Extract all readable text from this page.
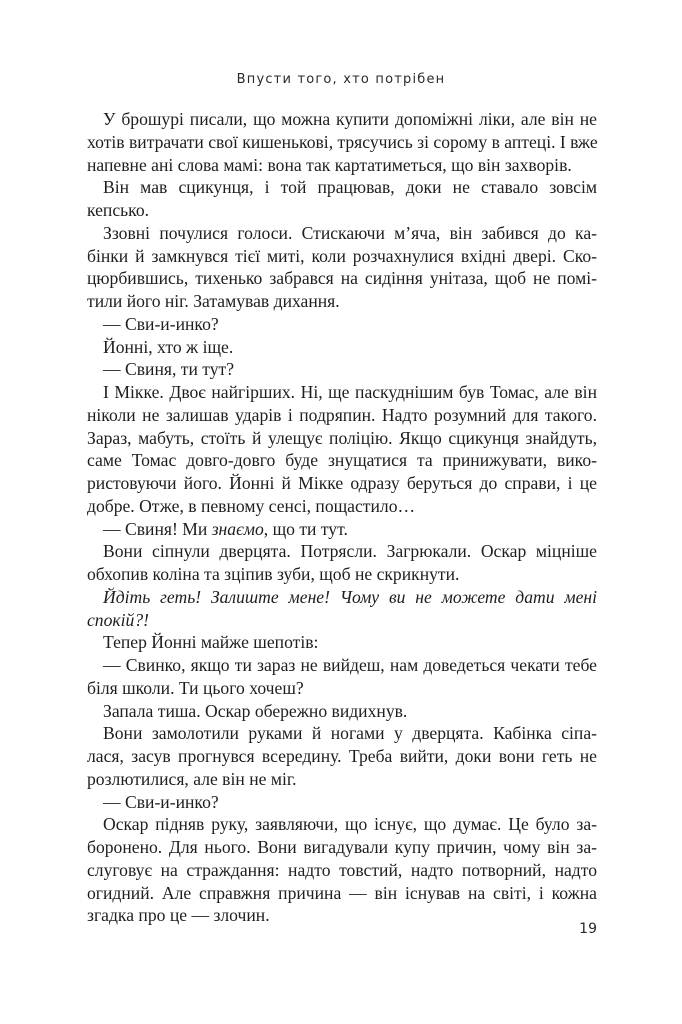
Впусти того, хто потрібен
У брошурі писали, що можна купити допоміжні ліки, але він не
хотів витрачати свої кишенькові, трясучись зі сорому в аптеці. І вже
напевне ані слова мамі: вона так картатиметься, що він захворів.
Він мав сцикунця, і той працював, доки не ставало зовсім
кепсько.
Ззовні почулися голоси. Стискаючи м’яча, він забився до ка-
бінки й замкнувся тієї миті, коли розчахнулися вхідні двері. Ско-
цюрбившись, тихенько забрався на сидіння унітаза, щоб не помі-
тили його ніг. Затамував дихання.
— Сви-и-инко?
Йонні, хто ж іще.
— Свиня, ти тут?
І Мікке. Двоє найгірших. Ні, ще паскуднішим був Томас, але він
ніколи не залишав ударів і подряпин. Надто розумний для такого.
Зараз, мабуть, стоїть й улещує поліцію. Якщо сцикунця знайдуть,
саме Томас довго-довго буде знущатися та принижувати, вико-
ристовуючи його. Йонні й Мікке одразу беруться до справи, і це
добре. Отже, в певному сенсі, пощастило…
— Свиня! Ми знаємо, що ти тут.
Вони сіпнули дверцята. Потрясли. Загрюкали. Оскар міцніше
обхопив коліна та зціпив зуби, щоб не скрикнути.
Йдіть геть! Залиште мене! Чому ви не можете дати мені
спокій?!
Тепер Йонні майже шепотів:
— Свинко, якщо ти зараз не вийдеш, нам доведеться чекати тебе
біля школи. Ти цього хочеш?
Запала тиша. Оскар обережно видихнув.
Вони замолотили руками й ногами у дверцята. Кабінка сіпа-
лася, засув прогнувся всередину. Треба вийти, доки вони геть не
розлютилися, але він не міг.
— Сви-и-инко?
Оскар підняв руку, заявляючи, що існує, що думає. Це було за-
боронено. Для нього. Вони вигадували купу причин, чому він за-
слуговує на страждання: надто товстий, надто потворний, надто
огидний. Але справжня причина — він існував на світі, і кожна
згадка про це — злочин.
19
